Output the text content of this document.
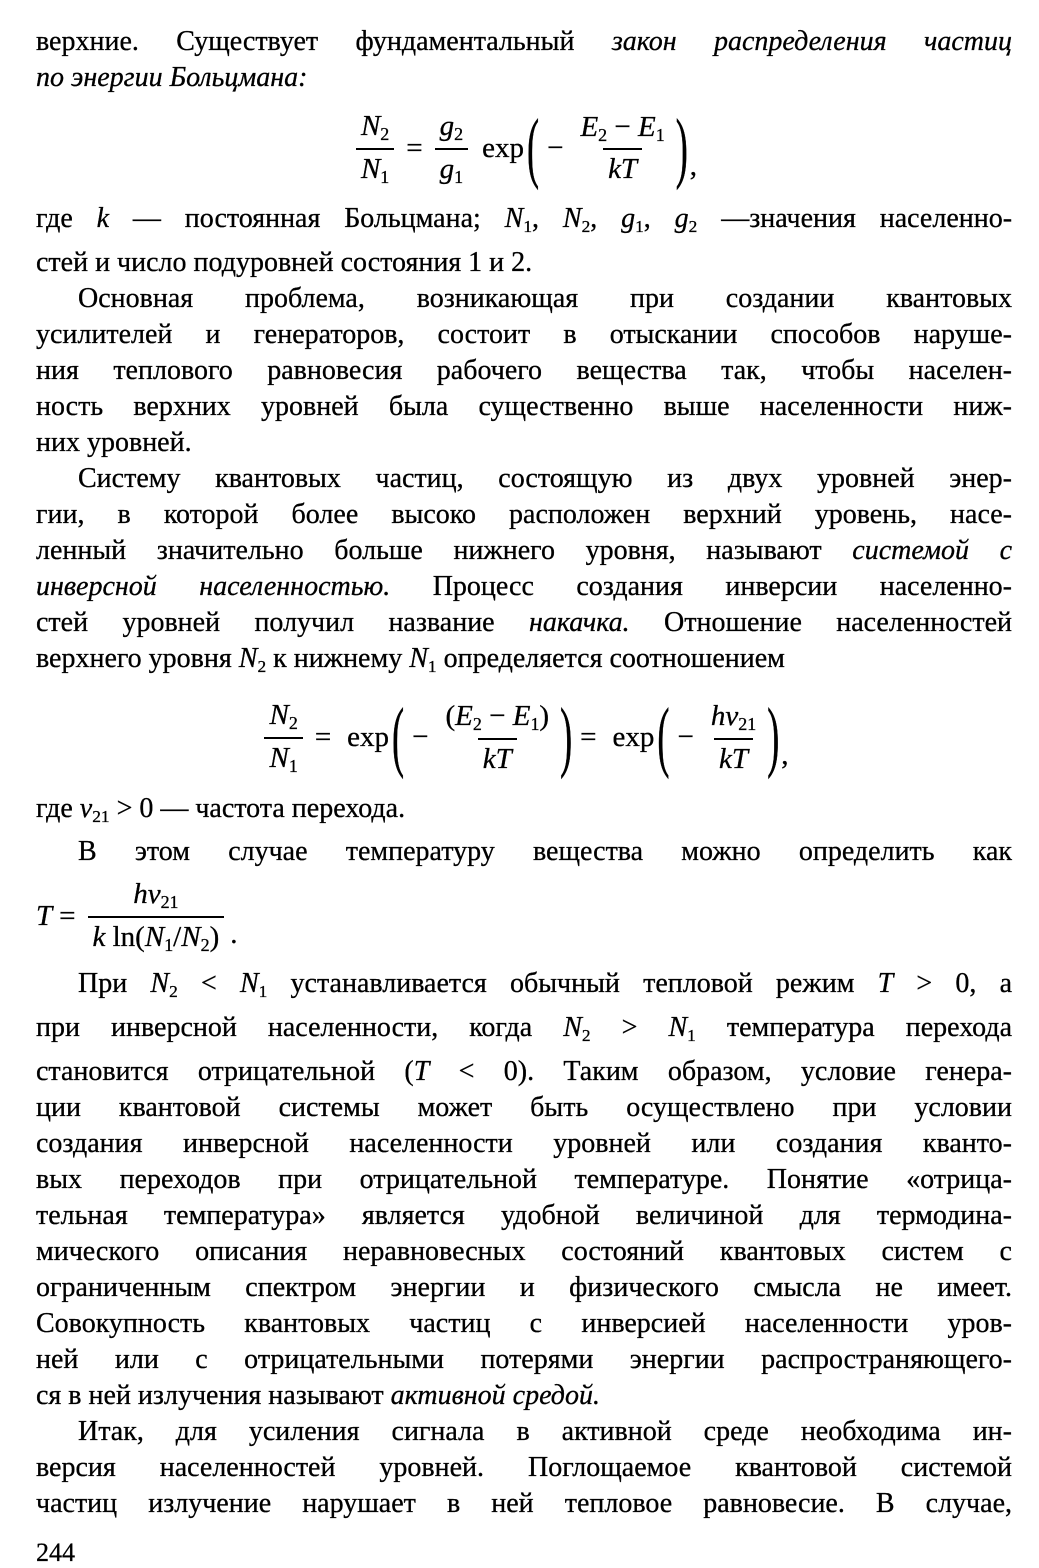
верхние. Существует фундаментальный закон распределения частиц
по энергии Больцмана:
$\frac{N2}{N1} = \frac{g2}{g1}$ exp ( − $\frac{E2 - E1}{kT}$ ) ,
где k — постоянная Больцмана; N1, N2, g1, g2 —значения населенно-
стей и число подуровней состояния 1 и 2.
Основная проблема, возникающая при создании квантовых
усилителей и генераторов, состоит в отыскании способов наруше-
ния теплового равновесия рабочего вещества так, чтобы населен-
ность верхних уровней была существенно выше населенности ниж-
них уровней.
Систему квантовых частиц, состоящую из двух уровней энер-
гии, в которой более высоко расположен верхний уровень, насе-
ленный значительно больше нижнего уровня, называют системой с
инверсной населенностью. Процесс создания инверсии населенно-
стей уровней получил название накачка. Отношение населенностей
верхнего уровня N2 к нижнему N1 определяется соотношением
$\frac{N2}{N1} = \exp$ ( − $\frac{(E2 - E1)}{kT}$ ) = exp ( − $\frac{h\nu 21}{kT}$ ) ,
где ν21 > 0 — частота перехода.
В этом случае температуру вещества можно определить как
$T = \frac{h\nu 21}{\text{k ln(N1/N2)}}$ .
При N2 < N1 устанавливается обычный тепловой режим T > 0, а
при инверсной населенности, когда N2 > N1 температура перехода
становится отрицательной (T < 0). Таким образом, условие генера-
ции квантовой системы может быть осуществлено при условии
создания инверсной населенности уровней или создания кванто-
вых переходов при отрицательной температуре. Понятие «отрица-
тельная температура» является удобной величиной для термодина-
мического описания неравновесных состояний квантовых систем с
ограниченным спектром энергии и физического смысла не имеет.
Совокупность квантовых частиц с инверсией населенности уров-
ней или с отрицательными потерями энергии распространяющего-
ся в ней излучения называют активной средой.
Итак, для усиления сигнала в активной среде необходима ин-
версия населенностей уровней. Поглощаемое квантовой системой
частиц излучение нарушает в ней тепловое равновесие. В случае,
244
